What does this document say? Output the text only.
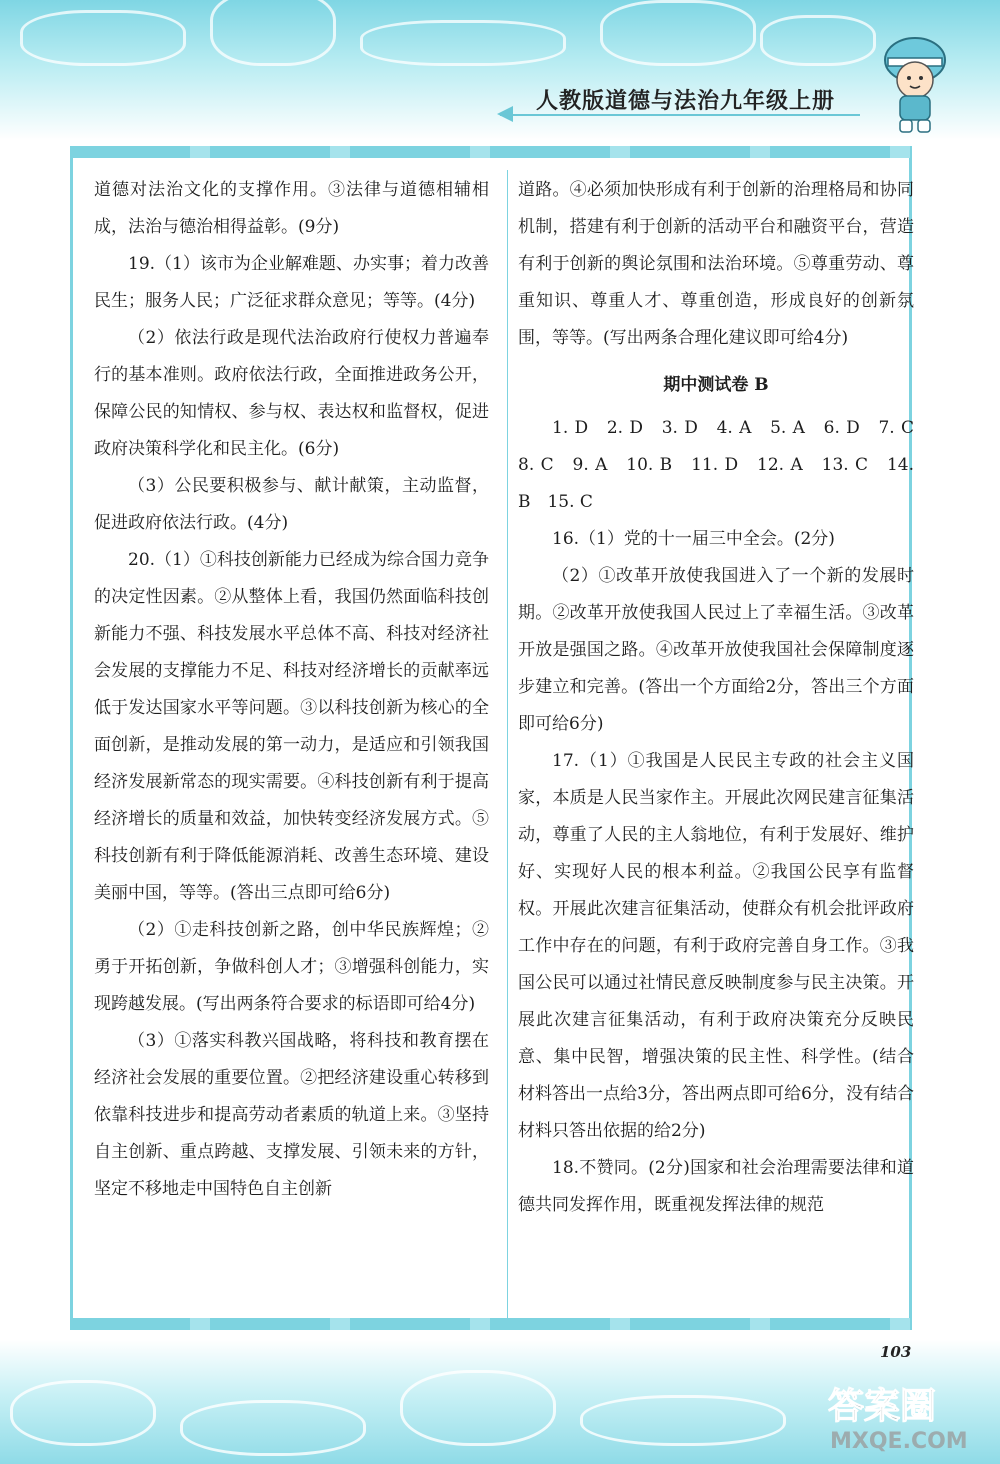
人教版道德与法治九年级上册

道德对法治文化的支撑作用。③法律与道德相辅相成，法治与德治相得益彰。(9分)

19.（1）该市为企业解难题、办实事；着力改善民生；服务人民；广泛征求群众意见；等等。(4分)

（2）依法行政是现代法治政府行使权力普遍奉行的基本准则。政府依法行政，全面推进政务公开，保障公民的知情权、参与权、表达权和监督权，促进政府决策科学化和民主化。(6分)

（3）公民要积极参与、献计献策，主动监督，促进政府依法行政。(4分)

20.（1）①科技创新能力已经成为综合国力竞争的决定性因素。②从整体上看，我国仍然面临科技创新能力不强、科技发展水平总体不高、科技对经济社会发展的支撑能力不足、科技对经济增长的贡献率远低于发达国家水平等问题。③以科技创新为核心的全面创新，是推动发展的第一动力，是适应和引领我国经济发展新常态的现实需要。④科技创新有利于提高经济增长的质量和效益，加快转变经济发展方式。⑤科技创新有利于降低能源消耗、改善生态环境、建设美丽中国，等等。(答出三点即可给6分)

（2）①走科技创新之路，创中华民族辉煌；②勇于开拓创新，争做科创人才；③增强科创能力，实现跨越发展。(写出两条符合要求的标语即可给4分)

（3）①落实科教兴国战略，将科技和教育摆在经济社会发展的重要位置。②把经济建设重心转移到依靠科技进步和提高劳动者素质的轨道上来。③坚持自主创新、重点跨越、支撑发展、引领未来的方针，坚定不移地走中国特色自主创新

道路。④必须加快形成有利于创新的治理格局和协同机制，搭建有利于创新的活动平台和融资平台，营造有利于创新的舆论氛围和法治环境。⑤尊重劳动、尊重知识、尊重人才、尊重创造，形成良好的创新氛围，等等。(写出两条合理化建议即可给4分)

期中测试卷 B

1. D　2. D　3. D　4. A　5. A　6. D　7. C　8. C　9. A　10. B　11. D　12. A　13. C　14. B　15. C

16.（1）党的十一届三中全会。(2分)

（2）①改革开放使我国进入了一个新的发展时期。②改革开放使我国人民过上了幸福生活。③改革开放是强国之路。④改革开放使我国社会保障制度逐步建立和完善。(答出一个方面给2分，答出三个方面即可给6分)

17.（1）①我国是人民民主专政的社会主义国家，本质是人民当家作主。开展此次网民建言征集活动，尊重了人民的主人翁地位，有利于发展好、维护好、实现好人民的根本利益。②我国公民享有监督权。开展此次建言征集活动，使群众有机会批评政府工作中存在的问题，有利于政府完善自身工作。③我国公民可以通过社情民意反映制度参与民主决策。开展此次建言征集活动，有利于政府决策充分反映民意、集中民智，增强决策的民主性、科学性。(结合材料答出一点给3分，答出两点即可给6分，没有结合材料只答出依据的给2分)

18.不赞同。(2分)国家和社会治理需要法律和道德共同发挥作用，既重视发挥法律的规范

103
答案圈
MXQE.COM
